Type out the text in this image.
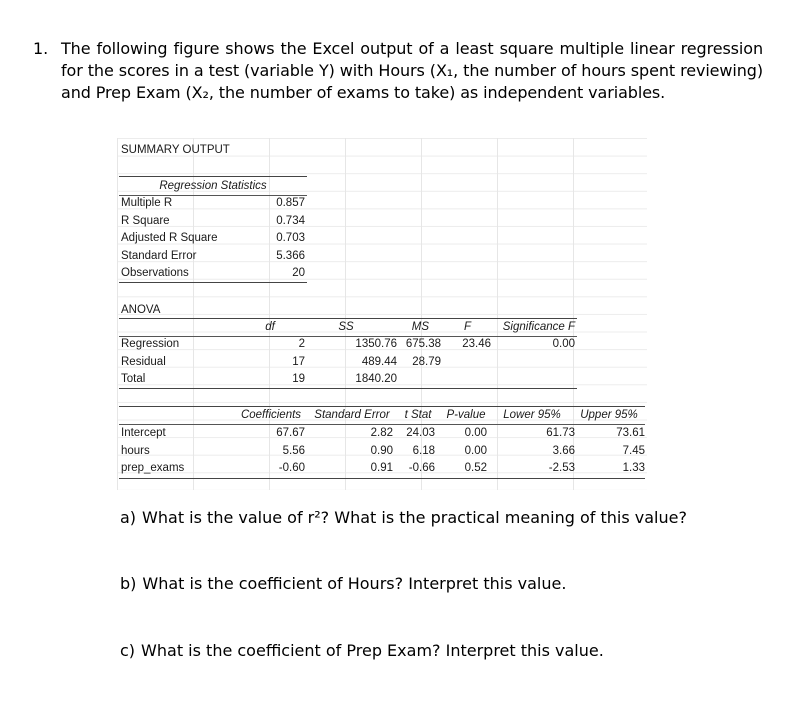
1. The following figure shows the Excel output of a least square multiple linear regression for the scores in a test (variable Y) with Hours (X₁, the number of hours spent reviewing) and Prep Exam (X₂, the number of exams to take) as independent variables.
SUMMARY OUTPUT
Regression Statistics
Multiple R	0.857
R Square	0.734
Adjusted R Square	0.703
Standard Error	5.366
Observations	20
ANOVA
df	SS	MS	F	Significance F
Regression	2	1350.76 675.38	23.46	0.00
Residual	17	489.44	28.79
Total	19	1840.20
Coefficients	Standard Error	t Stat	P-value	Lower 95%	Upper 95%
Intercept	67.67	2.82	24.03	0.00	61.73	73.61
hours	5.56	0.90	6.18	0.00	3.66	7.45
prep_exams	-0.60	0.91	-0.66	0.52	-2.53	1.33
a) What is the value of r²? What is the practical meaning of this value?
b) What is the coefficient of Hours? Interpret this value.
c) What is the coefficient of Prep Exam? Interpret this value.
